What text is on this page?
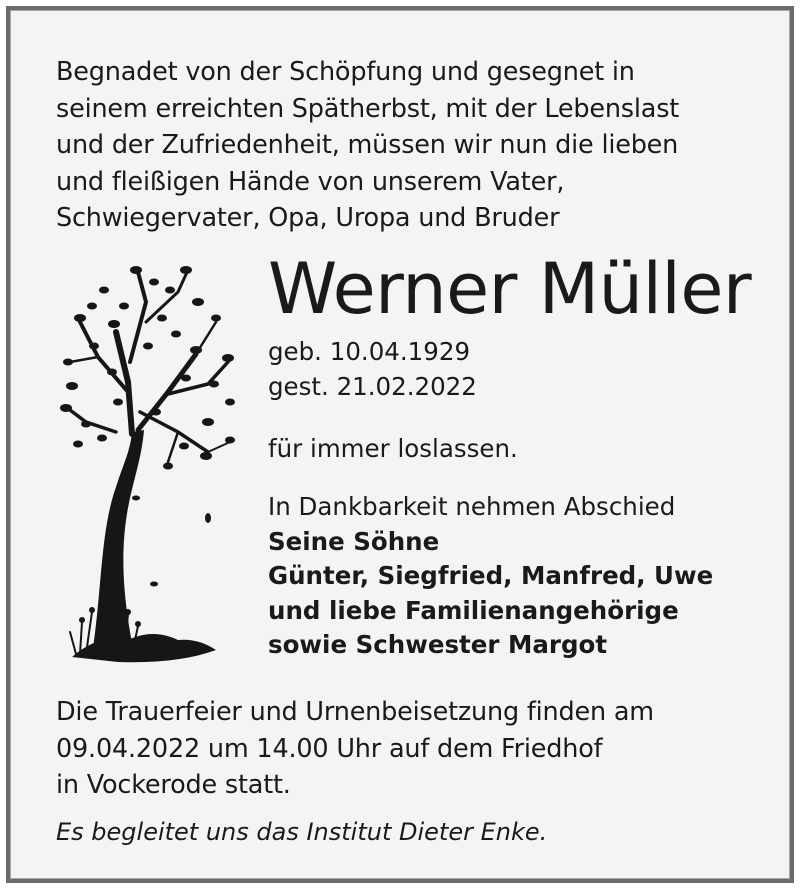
Begnadet von der Schöpfung und gesegnet in
seinem erreichten Spätherbst, mit der Lebenslast
und der Zufriedenheit, müssen wir nun die lieben
und fleißigen Hände von unserem Vater,
Schwiegervater, Opa, Uropa und Bruder
Werner Müller
geb. 10.04.1929
gest. 21.02.2022
für immer loslassen.
In Dankbarkeit nehmen Abschied
Seine Söhne
Günter, Siegfried, Manfred, Uwe
und liebe Familienangehörige
sowie Schwester Margot
Die Trauerfeier und Urnenbeisetzung finden am
09.04.2022 um 14.00 Uhr auf dem Friedhof
in Vockerode statt.
Es begleitet uns das Institut Dieter Enke.
